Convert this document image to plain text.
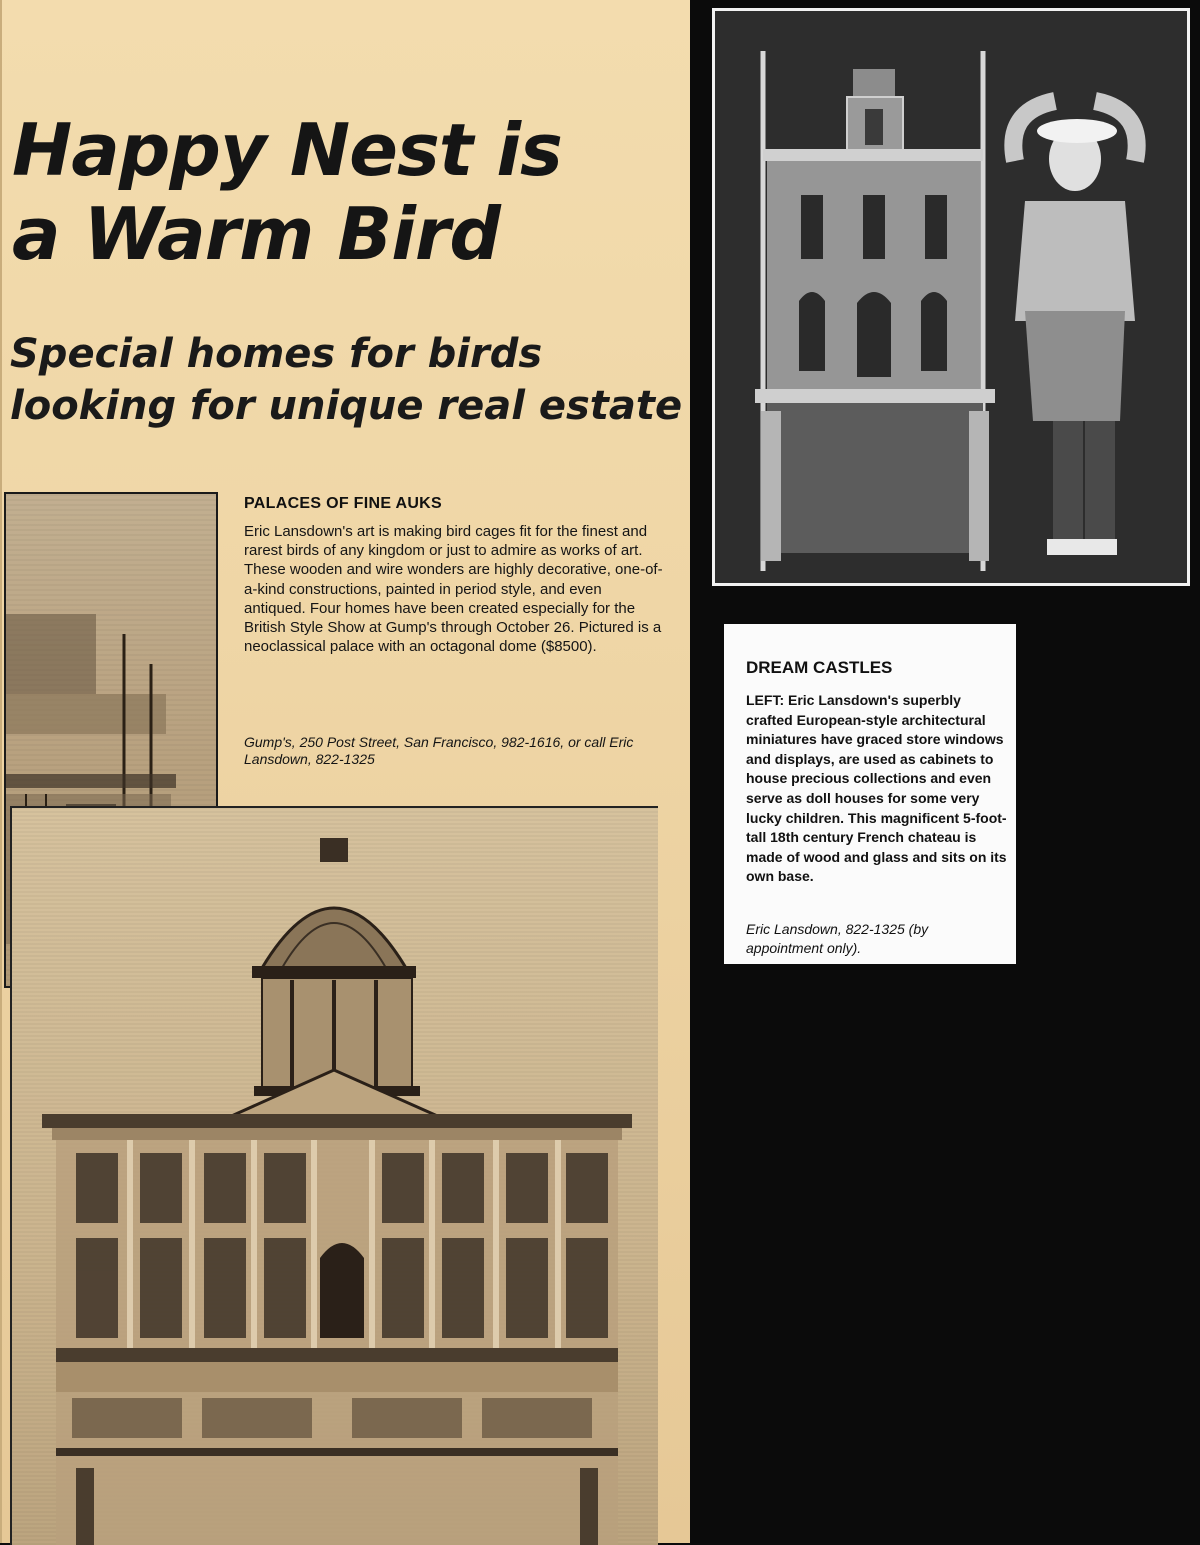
Happy Nest is
a Warm Bird
Special homes for birds
looking for unique real estate
PALACES OF FINE AUKS

Eric Lansdown's art is making bird cages fit for the finest and rarest birds of any kingdom or just to admire as works of art. These wooden and wire wonders are highly decorative, one-of-a-kind constructions, painted in period style, and even antiqued. Four homes have been created especially for the British Style Show at Gump's through October 26. Pictured is a neoclassical palace with an octagonal dome ($8500).

Gump's, 250 Post Street, San Francisco, 982-1616, or call Eric Lansdown, 822-1325

DREAM CASTLES

LEFT: Eric Lansdown's superbly crafted European-style architectural miniatures have graced store windows and displays, are used as cabinets to house precious collections and even serve as doll houses for some very lucky children. This magnificent 5-foot-tall 18th century French chateau is made of wood and glass and sits on its own base.

Eric Lansdown, 822-1325 (by appointment only).
